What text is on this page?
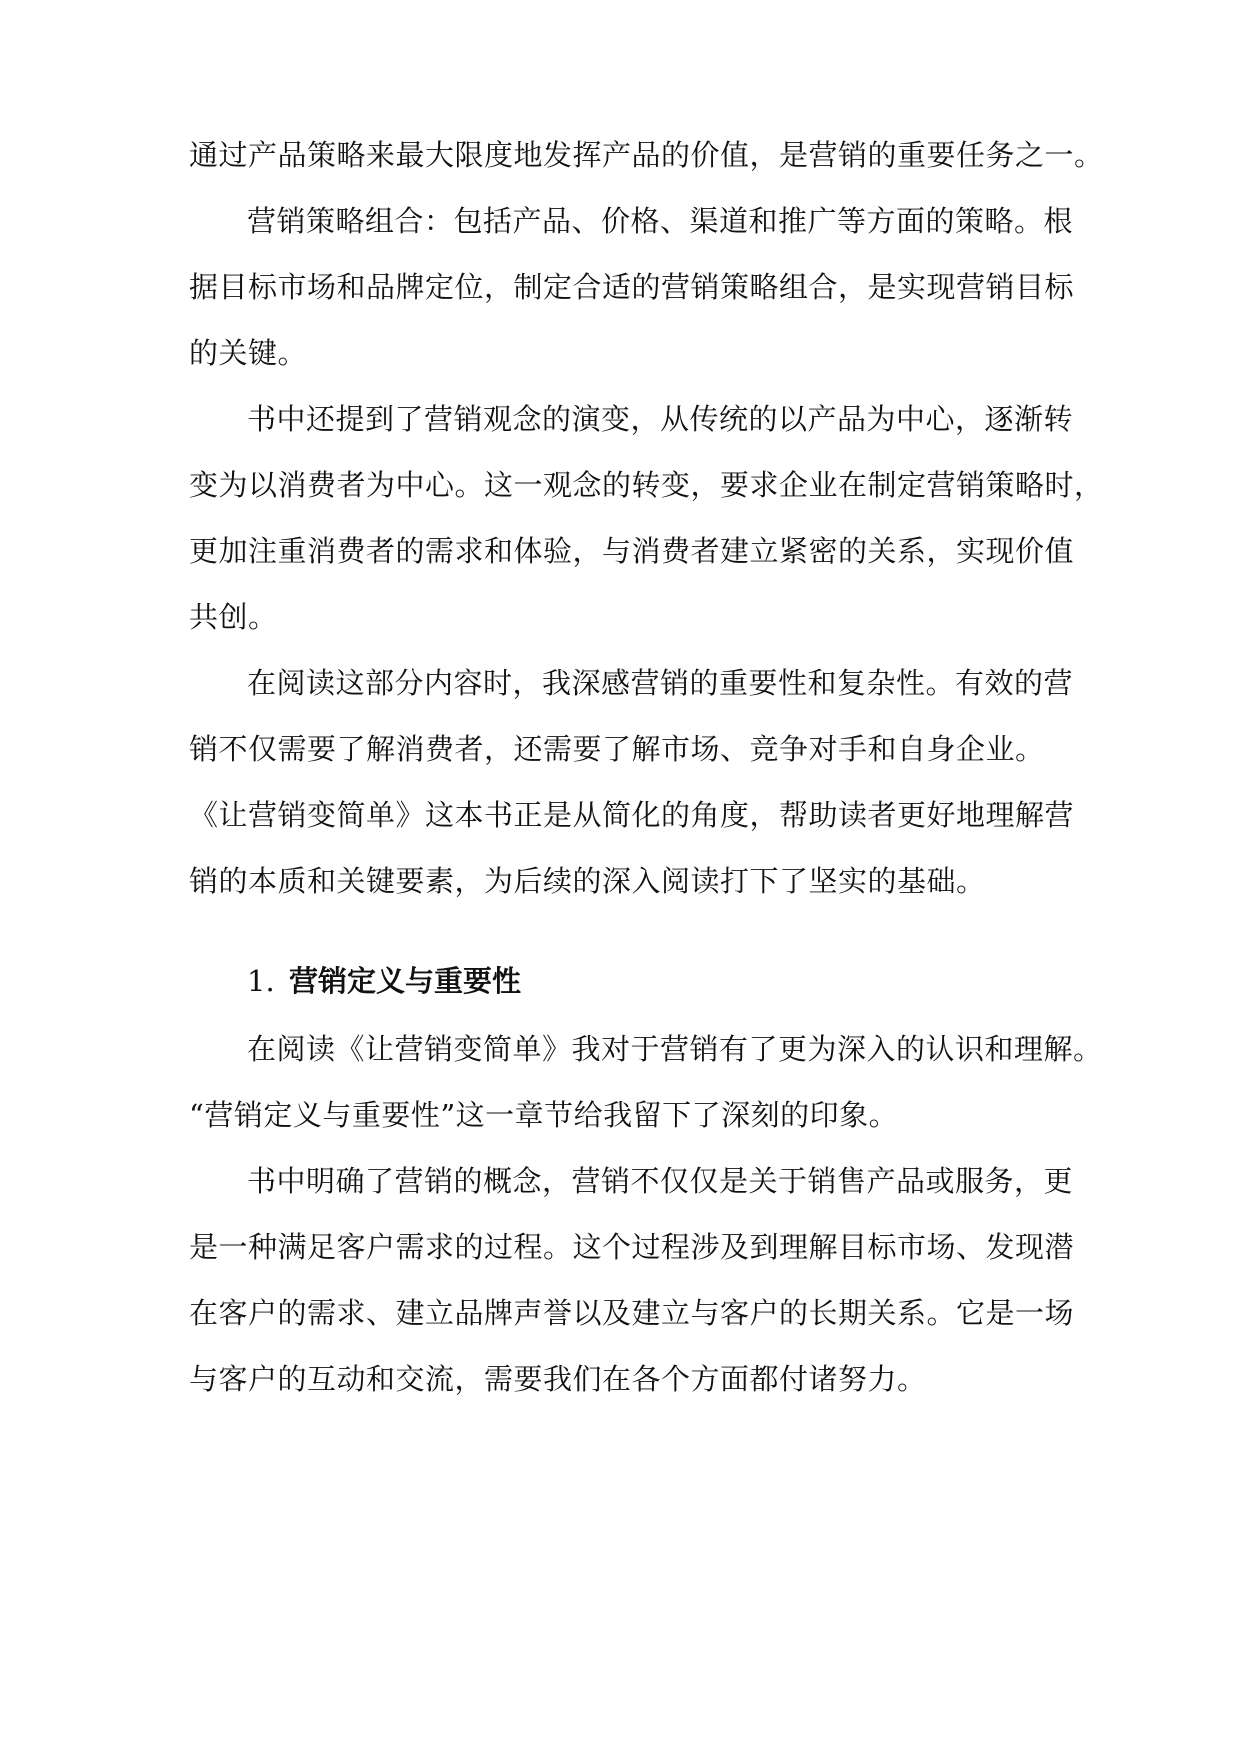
通过产品策略来最大限度地发挥产品的价值，是营销的重要任务之一。
营销策略组合：包括产品、价格、渠道和推广等方面的策略。根
据目标市场和品牌定位，制定合适的营销策略组合，是实现营销目标
的关键。
书中还提到了营销观念的演变，从传统的以产品为中心，逐渐转
变为以消费者为中心。这一观念的转变，要求企业在制定营销策略时，
更加注重消费者的需求和体验，与消费者建立紧密的关系，实现价值
共创。
在阅读这部分内容时，我深感营销的重要性和复杂性。有效的营
销不仅需要了解消费者，还需要了解市场、竞争对手和自身企业。
《让营销变简单》这本书正是从简化的角度，帮助读者更好地理解营
销的本质和关键要素，为后续的深入阅读打下了坚实的基础。
1. 营销定义与重要性
在阅读《让营销变简单》我对于营销有了更为深入的认识和理解。
“营销定义与重要性”这一章节给我留下了深刻的印象。
书中明确了营销的概念，营销不仅仅是关于销售产品或服务，更
是一种满足客户需求的过程。这个过程涉及到理解目标市场、发现潜
在客户的需求、建立品牌声誉以及建立与客户的长期关系。它是一场
与客户的互动和交流，需要我们在各个方面都付诸努力。
